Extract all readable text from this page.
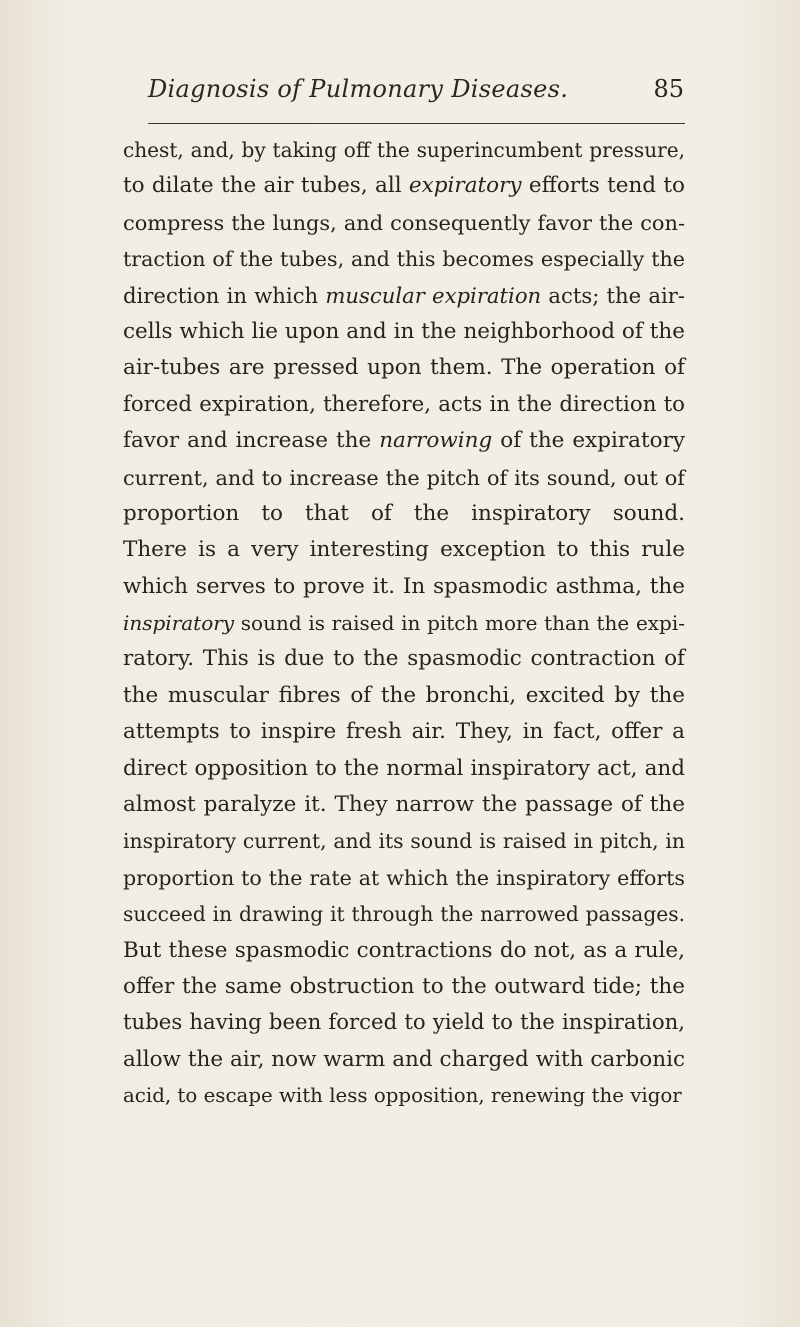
Diagnosis of Pulmonary Diseases.	85
chest, and, by taking off the superincumbent pressure,
to dilate the air tubes, all expiratory efforts tend to
compress the lungs, and consequently favor the con-
traction of the tubes, and this becomes especially the
direction in which muscular expiration acts; the air-
cells which lie upon and in the neighborhood of the
air-tubes are pressed upon them. The operation of
forced expiration, therefore, acts in the direction to
favor and increase the narrowing of the expiratory
current, and to increase the pitch of its sound, out of
proportion to that of the inspiratory sound.
There is a very interesting exception to this rule
which serves to prove it. In spasmodic asthma, the
inspiratory sound is raised in pitch more than the expi-
ratory. This is due to the spasmodic contraction of
the muscular fibres of the bronchi, excited by the
attempts to inspire fresh air. They, in fact, offer a
direct opposition to the normal inspiratory act, and
almost paralyze it. They narrow the passage of the
inspiratory current, and its sound is raised in pitch, in
proportion to the rate at which the inspiratory efforts
succeed in drawing it through the narrowed passages.
But these spasmodic contractions do not, as a rule,
offer the same obstruction to the outward tide; the
tubes having been forced to yield to the inspiration,
allow the air, now warm and charged with carbonic
acid, to escape with less opposition, renewing the vigor
